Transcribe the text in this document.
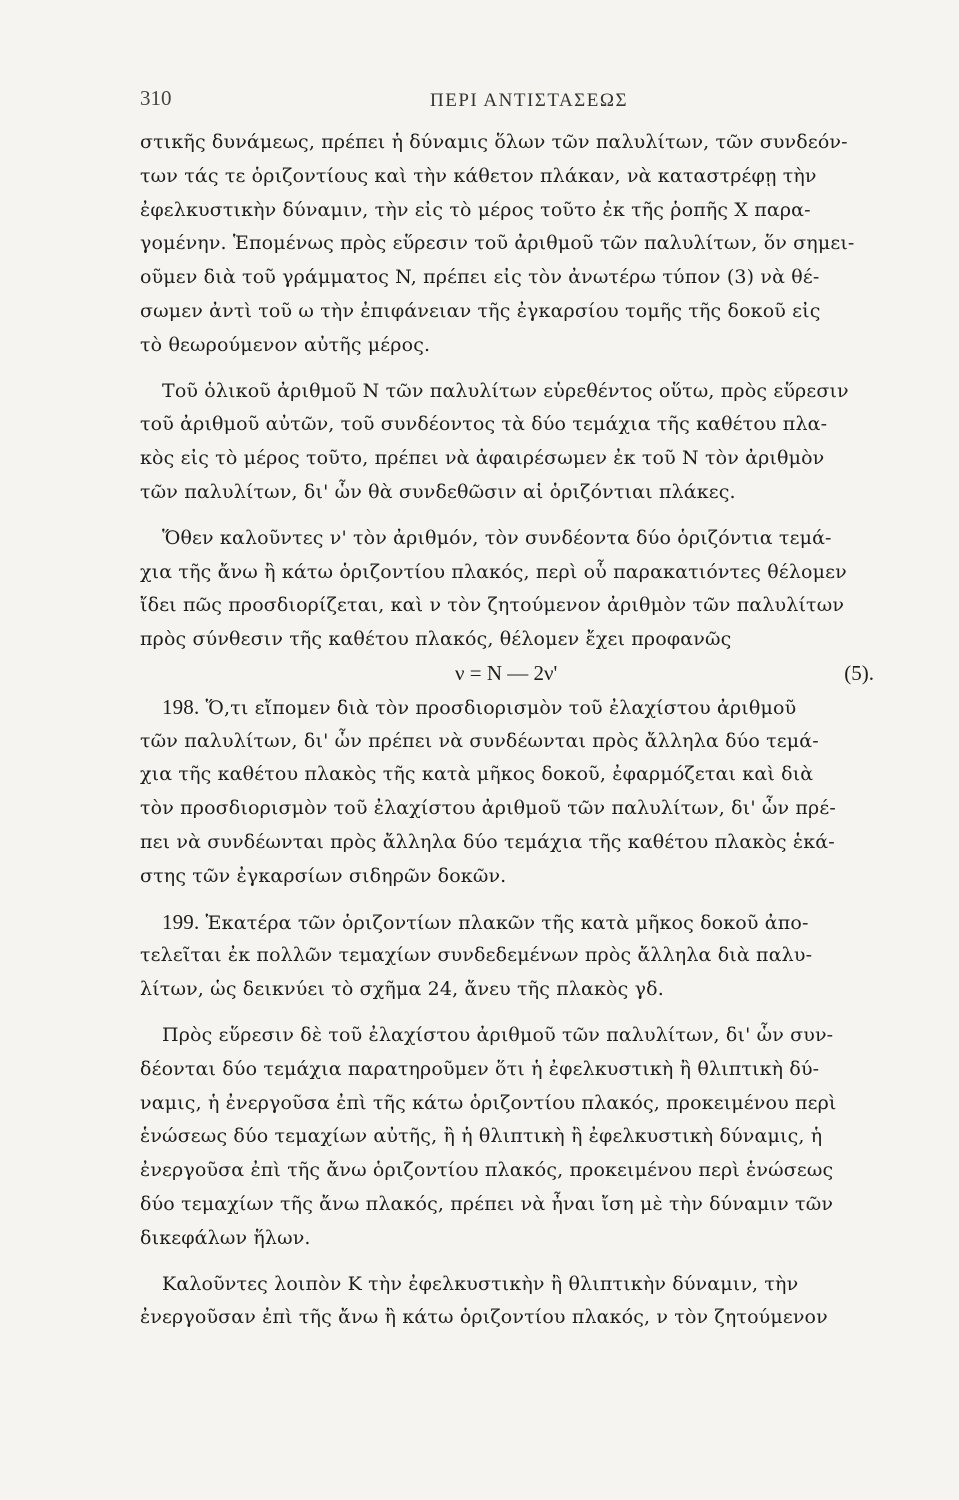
310	ΠΕΡΙ ΑΝΤΙΣΤΑΣΕΩΣ
στικῆς δυνάμεως, πρέπει ἡ δύναμις ὅλων τῶν παλυλίτων, τῶν συνδεόν-
των τάς τε ὁριζοντίους καὶ τὴν κάθετον πλάκαν, νὰ καταστρέφῃ τὴν
ἐφελκυστικὴν δύναμιν, τὴν εἰς τὸ μέρος τοῦτο ἐκ τῆς ῥοπῆς X παρα-
γομένην. Ἑπομένως πρὸς εὕρεσιν τοῦ ἀριθμοῦ τῶν παλυλίτων, ὅν σημει-
οῦμεν διὰ τοῦ γράμματος N, πρέπει εἰς τὸν ἀνωτέρω τύπον (3) νὰ θέ-
σωμεν ἀντὶ τοῦ ω τὴν ἐπιφάνειαν τῆς ἐγκαρσίου τομῆς τῆς δοκοῦ εἰς
τὸ θεωρούμενον αὐτῆς μέρος.
Τοῦ ὁλικοῦ ἀριθμοῦ N τῶν παλυλίτων εὑρεθέντος οὕτω, πρὸς εὕρεσιν
τοῦ ἀριθμοῦ αὐτῶν, τοῦ συνδέοντος τὰ δύο τεμάχια τῆς καθέτου πλα-
κὸς εἰς τὸ μέρος τοῦτο, πρέπει νὰ ἀφαιρέσωμεν ἐκ τοῦ N τὸν ἀριθμὸν
τῶν παλυλίτων, δι' ὧν θὰ συνδεθῶσιν αἱ ὁριζόντιαι πλάκες.
Ὅθεν καλοῦντες ν' τὸν ἀριθμόν, τὸν συνδέοντα δύο ὁριζόντια τεμά-
χια τῆς ἄνω ἢ κάτω ὁριζοντίου πλακός, περὶ οὗ παρακατιόντες θέλομεν
ἴδει πῶς προσδιορίζεται, καὶ ν τὸν ζητούμενον ἀριθμὸν τῶν παλυλίτων
πρὸς σύνθεσιν τῆς καθέτου πλακός, θέλομεν ἔχει προφανῶς
ν = N — 2ν'	(5).
198. Ὅ,τι εἴπομεν διὰ τὸν προσδιορισμὸν τοῦ ἐλαχίστου ἀριθμοῦ
τῶν παλυλίτων, δι' ὧν πρέπει νὰ συνδέωνται πρὸς ἄλληλα δύο τεμά-
χια τῆς καθέτου πλακὸς τῆς κατὰ μῆκος δοκοῦ, ἐφαρμόζεται καὶ διὰ
τὸν προσδιορισμὸν τοῦ ἐλαχίστου ἀριθμοῦ τῶν παλυλίτων, δι' ὧν πρέ-
πει νὰ συνδέωνται πρὸς ἄλληλα δύο τεμάχια τῆς καθέτου πλακὸς ἑκά-
στης τῶν ἐγκαρσίων σιδηρῶν δοκῶν.
199. Ἑκατέρα τῶν ὁριζοντίων πλακῶν τῆς κατὰ μῆκος δοκοῦ ἀπο-
τελεῖται ἐκ πολλῶν τεμαχίων συνδεδεμένων πρὸς ἄλληλα διὰ παλυ-
λίτων, ὡς δεικνύει τὸ σχῆμα 24, ἄνευ τῆς πλακὸς γδ.
Πρὸς εὕρεσιν δὲ τοῦ ἐλαχίστου ἀριθμοῦ τῶν παλυλίτων, δι' ὧν συν-
δέονται δύο τεμάχια παρατηροῦμεν ὅτι ἡ ἐφελκυστικὴ ἢ θλιπτικὴ δύ-
ναμις, ἡ ἐνεργοῦσα ἐπὶ τῆς κάτω ὁριζοντίου πλακός, προκειμένου περὶ
ἑνώσεως δύο τεμαχίων αὐτῆς, ἢ ἡ θλιπτικὴ ἢ ἐφελκυστικὴ δύναμις, ἡ
ἐνεργοῦσα ἐπὶ τῆς ἄνω ὁριζοντίου πλακός, προκειμένου περὶ ἑνώσεως
δύο τεμαχίων τῆς ἄνω πλακός, πρέπει νὰ ἦναι ἴση μὲ τὴν δύναμιν τῶν
δικεφάλων ἥλων.
Καλοῦντες λοιπὸν K τὴν ἐφελκυστικὴν ἢ θλιπτικὴν δύναμιν, τὴν
ἐνεργοῦσαν ἐπὶ τῆς ἄνω ἢ κάτω ὁριζοντίου πλακός, ν τὸν ζητούμενον
